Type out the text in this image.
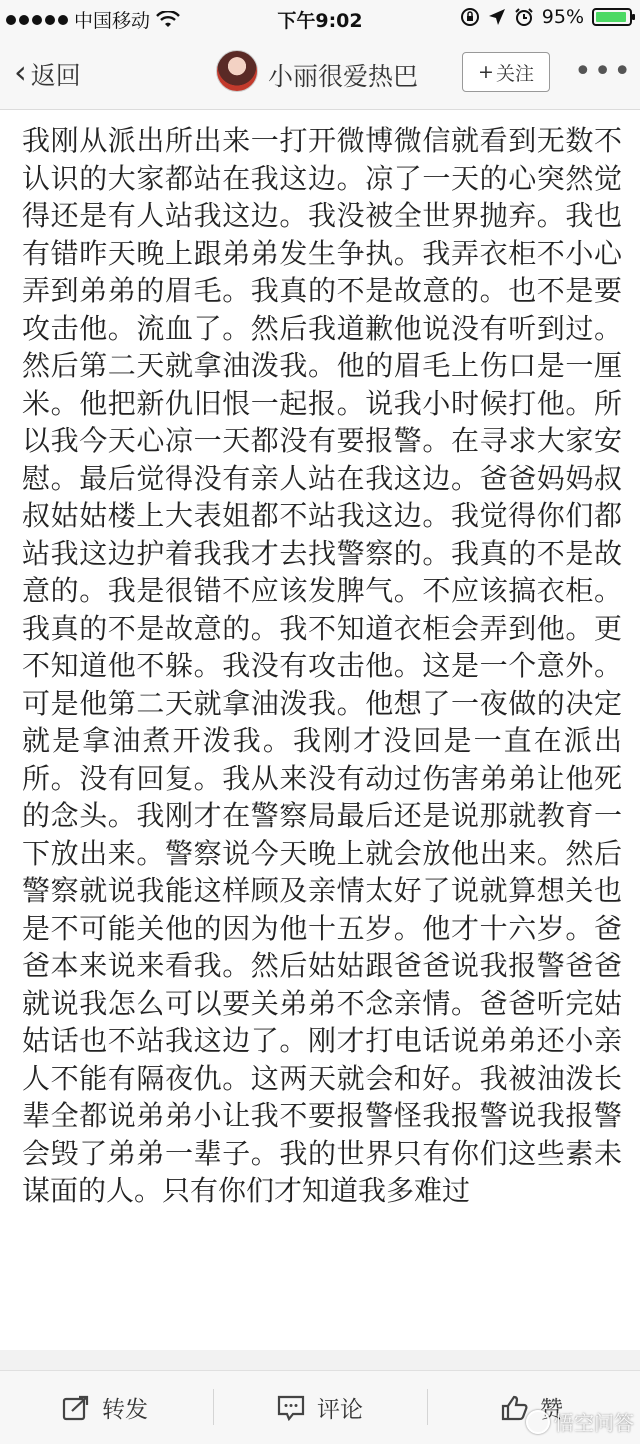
中国移动	下午9:02	95%
‹ 返回	小丽很爱热巴	+ 关注 •••
我刚从派出所出来一打开微博微信就看到无数不认识的大家都站在我这边。凉了一天的心突然觉得还是有人站我这边。我没被全世界抛弃。我也有错昨天晚上跟弟弟发生争执。我弄衣柜不小心弄到弟弟的眉毛。我真的不是故意的。也不是要攻击他。流血了。然后我道歉他说没有听到过。然后第二天就拿油泼我。他的眉毛上伤口是一厘米。他把新仇旧恨一起报。说我小时候打他。所以我今天心凉一天都没有要报警。在寻求大家安慰。最后觉得没有亲人站在我这边。爸爸妈妈叔叔姑姑楼上大表姐都不站我这边。我觉得你们都站我这边护着我我才去找警察的。我真的不是故意的。我是很错不应该发脾气。不应该搞衣柜。我真的不是故意的。我不知道衣柜会弄到他。更不知道他不躲。我没有攻击他。这是一个意外。可是他第二天就拿油泼我。他想了一夜做的决定就是拿油煮开泼我。我刚才没回是一直在派出所。没有回复。我从来没有动过伤害弟弟让他死的念头。我刚才在警察局最后还是说那就教育一下放出来。警察说今天晚上就会放他出来。然后警察就说我能这样顾及亲情太好了说就算想关也是不可能关他的因为他十五岁。他才十六岁。爸爸本来说来看我。然后姑姑跟爸爸说我报警爸爸就说我怎么可以要关弟弟不念亲情。爸爸听完姑姑话也不站我这边了。刚才打电话说弟弟还小亲人不能有隔夜仇。这两天就会和好。我被油泼长辈全都说弟弟小让我不要报警怪我报警说我报警会毁了弟弟一辈子。我的世界只有你们这些素未谋面的人。只有你们才知道我多难过
转发	评论	赞
悟空问答
